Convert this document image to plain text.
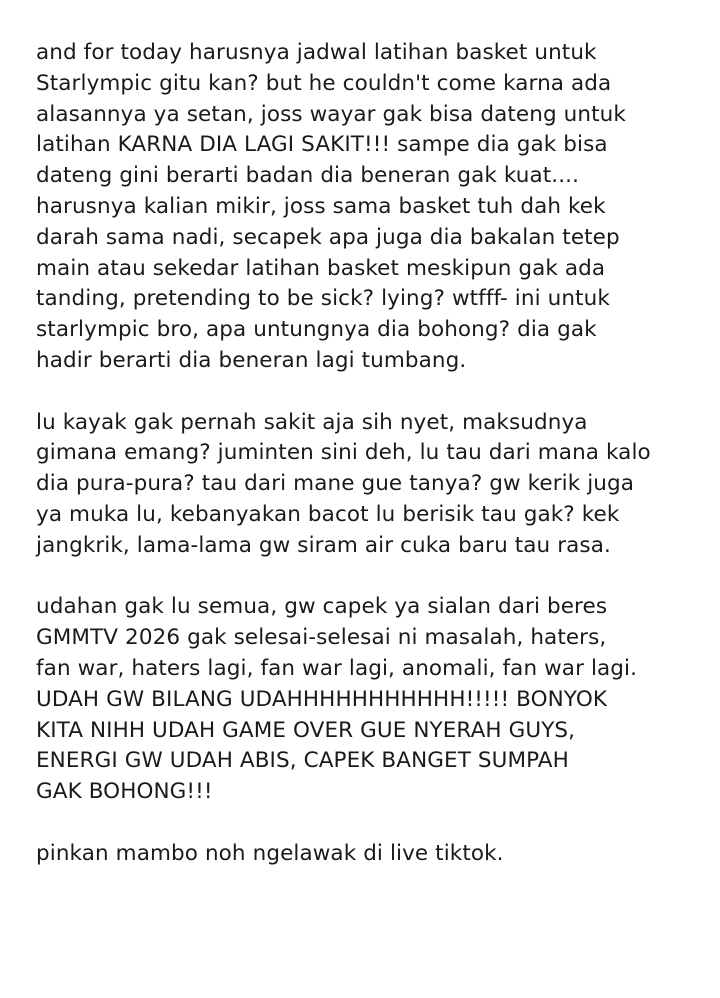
and for today harusnya jadwal latihan basket untuk
Starlympic gitu kan? but he couldn't come karna ada
alasannya ya setan, joss wayar gak bisa dateng untuk
latihan KARNA DIA LAGI SAKIT!!! sampe dia gak bisa
dateng gini berarti badan dia beneran gak kuat....
harusnya kalian mikir, joss sama basket tuh dah kek
darah sama nadi, secapek apa juga dia bakalan tetep
main atau sekedar latihan basket meskipun gak ada
tanding, pretending to be sick? lying? wtfff- ini untuk
starlympic bro, apa untungnya dia bohong? dia gak
hadir berarti dia beneran lagi tumbang.

lu kayak gak pernah sakit aja sih nyet, maksudnya
gimana emang? juminten sini deh, lu tau dari mana kalo
dia pura-pura? tau dari mane gue tanya? gw kerik juga
ya muka lu, kebanyakan bacot lu berisik tau gak? kek
jangkrik, lama-lama gw siram air cuka baru tau rasa.

udahan gak lu semua, gw capek ya sialan dari beres
GMMTV 2026 gak selesai-selesai ni masalah, haters,
fan war, haters lagi, fan war lagi, anomali, fan war lagi.
UDAH GW BILANG UDAHHHHHHHHHHH!!!!! BONYOK
KITA NIHH UDAH GAME OVER GUE NYERAH GUYS,
ENERGI GW UDAH ABIS, CAPEK BANGET SUMPAH
GAK BOHONG!!!

pinkan mambo noh ngelawak di live tiktok.
